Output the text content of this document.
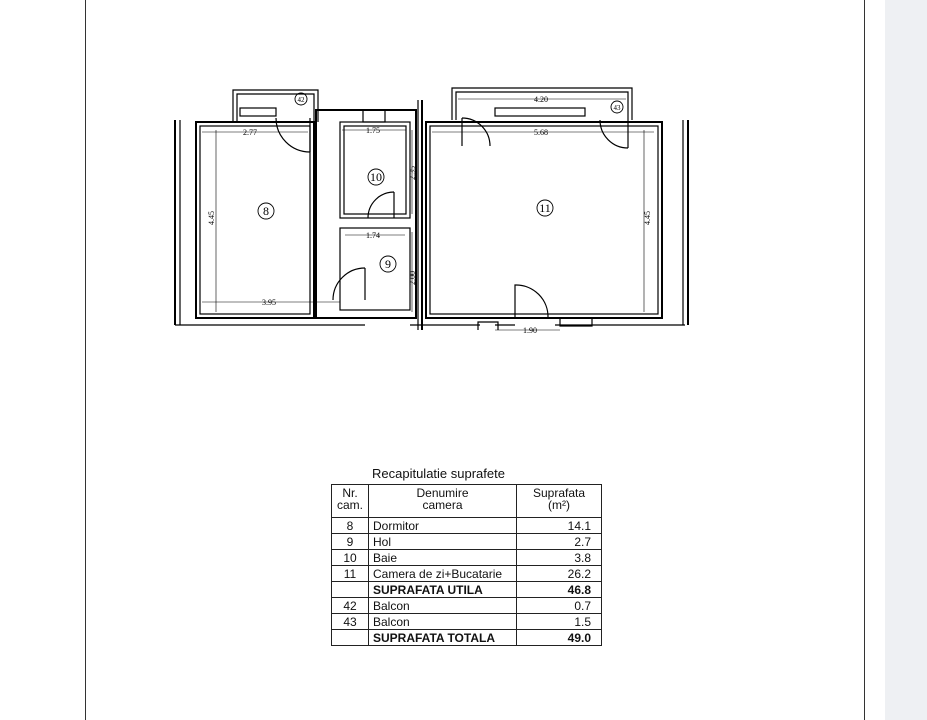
2.77	1.75
4.20
5.68
2.35
4.45	4.45
1.74
2.00
3.95
1.90
8
9
10
11
42
43
Recapitulatie suprafete
Nr.
cam.	Denumire
camera	Suprafata
(m²)
8	Dormitor	14.1
9	Hol	2.7
10	Baie	3.8
11	Camera de zi+Bucatarie	26.2
	SUPRAFATA UTILA	46.8
42	Balcon	0.7
43	Balcon	1.5
	SUPRAFATA TOTALA	49.0
